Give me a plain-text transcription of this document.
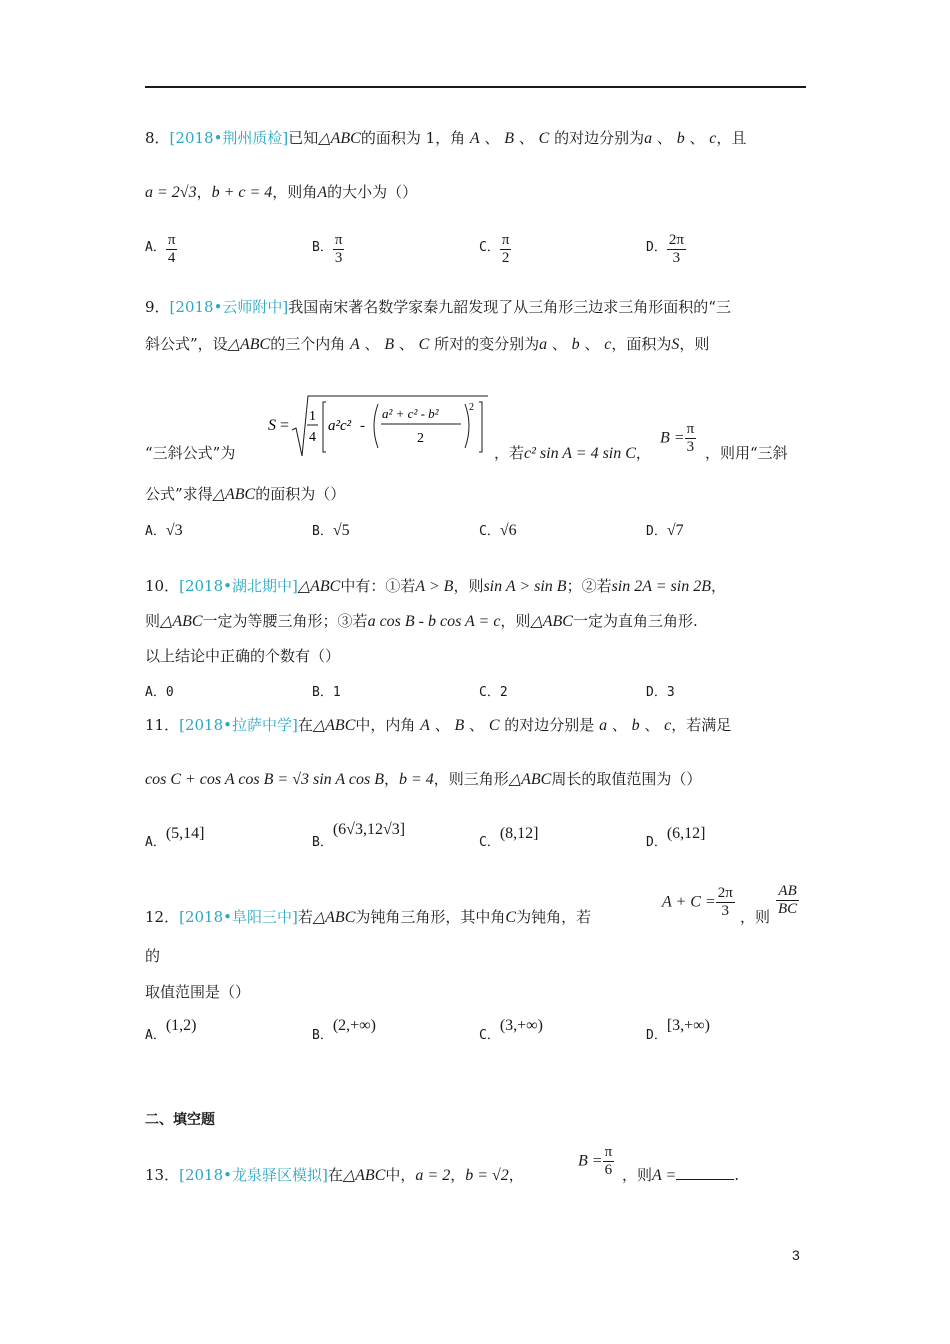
8．[2018•荆州质检]已知△ABC的面积为 1，角 A 、 B 、 C 的对边分别为a 、 b 、 c，且
a = 2√3，b + c = 4，则角A的大小为（）
A． $\frac{\pi}{4}$	B． $\frac{\pi}{3}$	C． $\frac{\pi}{2}$	D． $\frac{2\pi}{3}$
9．[2018•云师附中]我国南宋著名数学家秦九韶发现了从三角形三边求三角形面积的“三
斜公式”，设△ABC的三个内角 A 、 B 、 C 所对的变分别为a 、 b 、 c，面积为S，则
“三斜公式”为
S =
1
4
a²c² -
a² + c² - b²
2
2
，若c² sin A = 4 sin C，
$B = \frac{\pi}{3}$ ，则用“三斜
公式”求得△ABC的面积为（）
A．√3	B．√5	C．√6	D．√7
10．[2018•湖北期中]△ABC中有：①若A > B，则sin A > sin B；②若sin 2A = sin 2B，
则△ABC一定为等腰三角形；③若a cos B - b cos A = c，则△ABC一定为直角三角形.
以上结论中正确的个数有（）
A．0	B．1	C．2	D．3
11．[2018•拉萨中学]在△ABC中，内角 A 、 B 、 C 的对边分别是 a 、 b 、 c，若满足
cos C + cos A cos B = √3 sin A cos B，b = 4，则三角形△ABC周长的取值范围为（）
A．(5,14]
B．(6√3,12√3]
C．(8,12]
D．(6,12]
12．[2018•阜阳三中]若△ABC为钝角三角形，其中角C为钝角，若
$A + C = \frac{2\pi}{3}$ ，则 $\frac{AB}{BC}$
的
取值范围是（）
A．(1,2)
B．(2,+∞)
C．(3,+∞)
D．[3,+∞)
二、填空题
13．[2018•龙泉驿区模拟]在△ABC中，a = 2，b = √2，
$B = \frac{\pi}{6}$ ，则A =	.
3
